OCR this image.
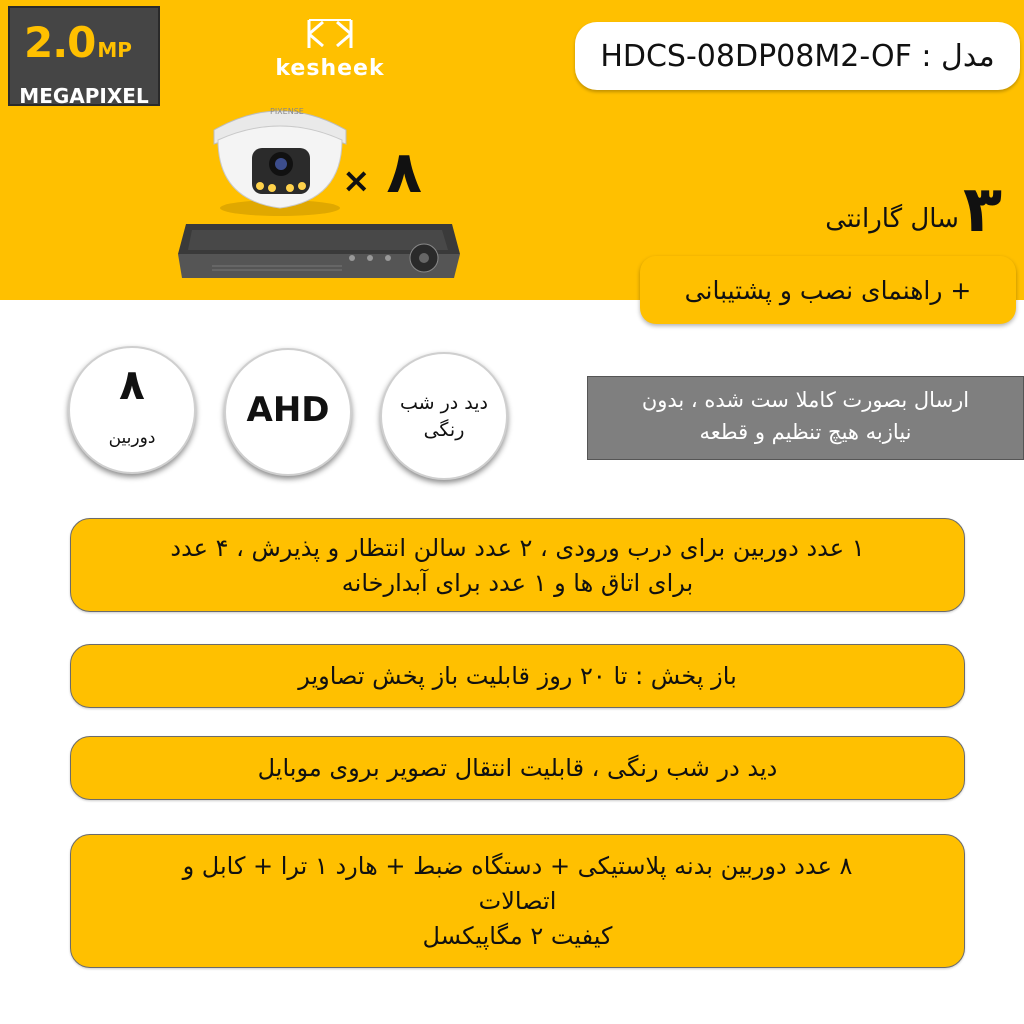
2.0 MP
MEGAPIXEL
kesheek
PIXENSE
× ۸
HDCS-08DP08M2-OF : مدل
۳
سال گارانتی
+ راهنمای نصب و پشتیبانی
۸
دوربین
AHD	دید در شب رنگی
ارسال بصورت کاملا ست شده ، بدون
نیازبه هیچ تنظیم و قطعه
۱ عدد دوربین برای درب ورودی ، ۲ عدد سالن انتظار و پذیرش ، ۴ عدد
برای اتاق ها و ۱ عدد برای آبدارخانه
باز پخش : تا ۲۰ روز قابلیت باز پخش تصاویر
دید در شب رنگی ، قابلیت انتقال تصویر بروی موبایل
۸ عدد دوربین بدنه پلاستیکی + دستگاه ضبط + هارد ۱ ترا + کابل و
اتصالات
کیفیت ۲ مگاپیکسل
